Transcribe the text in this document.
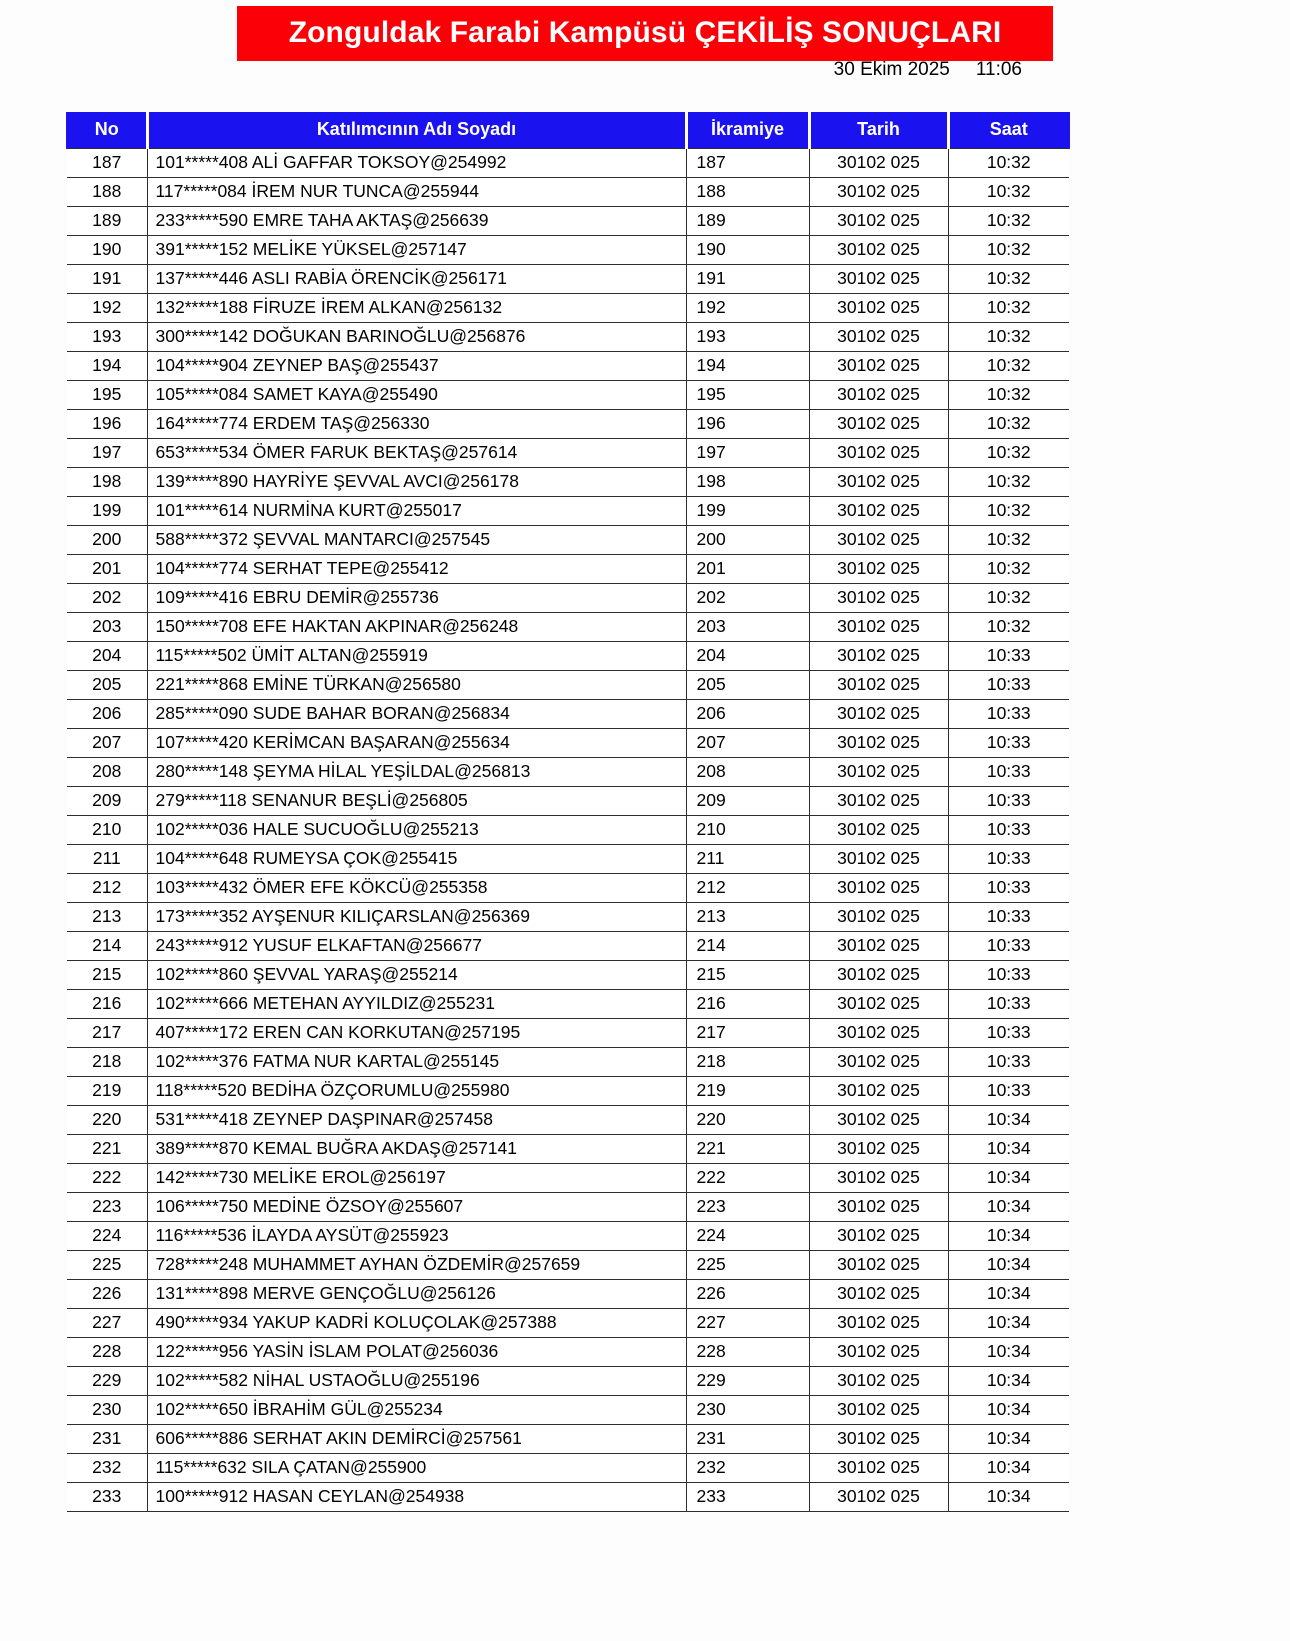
Zonguldak Farabi Kampüsü ÇEKİLİŞ SONUÇLARI
30 Ekim 2025 11:06
No	Katılımcının Adı Soyadı	İkramiye	Tarih	Saat
187	101*****408 ALİ GAFFAR TOKSOY@254992	187	30102 025	10:32
188	117*****084 İREM NUR TUNCA@255944	188	30102 025	10:32
189	233*****590 EMRE TAHA AKTAŞ@256639	189	30102 025	10:32
190	391*****152 MELİKE YÜKSEL@257147	190	30102 025	10:32
191	137*****446 ASLI RABİA ÖRENCİK@256171	191	30102 025	10:32
192	132*****188 FİRUZE İREM ALKAN@256132	192	30102 025	10:32
193	300*****142 DOĞUKAN BARINOĞLU@256876	193	30102 025	10:32
194	104*****904 ZEYNEP BAŞ@255437	194	30102 025	10:32
195	105*****084 SAMET KAYA@255490	195	30102 025	10:32
196	164*****774 ERDEM TAŞ@256330	196	30102 025	10:32
197	653*****534 ÖMER FARUK BEKTAŞ@257614	197	30102 025	10:32
198	139*****890 HAYRİYE ŞEVVAL AVCI@256178	198	30102 025	10:32
199	101*****614 NURMİNA KURT@255017	199	30102 025	10:32
200	588*****372 ŞEVVAL MANTARCI@257545	200	30102 025	10:32
201	104*****774 SERHAT TEPE@255412	201	30102 025	10:32
202	109*****416 EBRU DEMİR@255736	202	30102 025	10:32
203	150*****708 EFE HAKTAN AKPINAR@256248	203	30102 025	10:32
204	115*****502 ÜMİT ALTAN@255919	204	30102 025	10:33
205	221*****868 EMİNE TÜRKAN@256580	205	30102 025	10:33
206	285*****090 SUDE BAHAR BORAN@256834	206	30102 025	10:33
207	107*****420 KERİMCAN BAŞARAN@255634	207	30102 025	10:33
208	280*****148 ŞEYMA HİLAL YEŞİLDAL@256813	208	30102 025	10:33
209	279*****118 SENANUR BEŞLİ@256805	209	30102 025	10:33
210	102*****036 HALE SUCUOĞLU@255213	210	30102 025	10:33
211	104*****648 RUMEYSA ÇOK@255415	211	30102 025	10:33
212	103*****432 ÖMER EFE KÖKCÜ@255358	212	30102 025	10:33
213	173*****352 AYŞENUR KILIÇARSLAN@256369	213	30102 025	10:33
214	243*****912 YUSUF ELKAFTAN@256677	214	30102 025	10:33
215	102*****860 ŞEVVAL YARAŞ@255214	215	30102 025	10:33
216	102*****666 METEHAN AYYILDIZ@255231	216	30102 025	10:33
217	407*****172 EREN CAN KORKUTAN@257195	217	30102 025	10:33
218	102*****376 FATMA NUR KARTAL@255145	218	30102 025	10:33
219	118*****520 BEDİHA ÖZÇORUMLU@255980	219	30102 025	10:33
220	531*****418 ZEYNEP DAŞPINAR@257458	220	30102 025	10:34
221	389*****870 KEMAL BUĞRA AKDAŞ@257141	221	30102 025	10:34
222	142*****730 MELİKE EROL@256197	222	30102 025	10:34
223	106*****750 MEDİNE ÖZSOY@255607	223	30102 025	10:34
224	116*****536 İLAYDA AYSÜT@255923	224	30102 025	10:34
225	728*****248 MUHAMMET AYHAN ÖZDEMİR@257659	225	30102 025	10:34
226	131*****898 MERVE GENÇOĞLU@256126	226	30102 025	10:34
227	490*****934 YAKUP KADRİ KOLUÇOLAK@257388	227	30102 025	10:34
228	122*****956 YASİN İSLAM POLAT@256036	228	30102 025	10:34
229	102*****582 NİHAL USTAOĞLU@255196	229	30102 025	10:34
230	102*****650 İBRAHİM GÜL@255234	230	30102 025	10:34
231	606*****886 SERHAT AKIN DEMİRCİ@257561	231	30102 025	10:34
232	115*****632 SILA ÇATAN@255900	232	30102 025	10:34
233	100*****912 HASAN CEYLAN@254938	233	30102 025	10:34
